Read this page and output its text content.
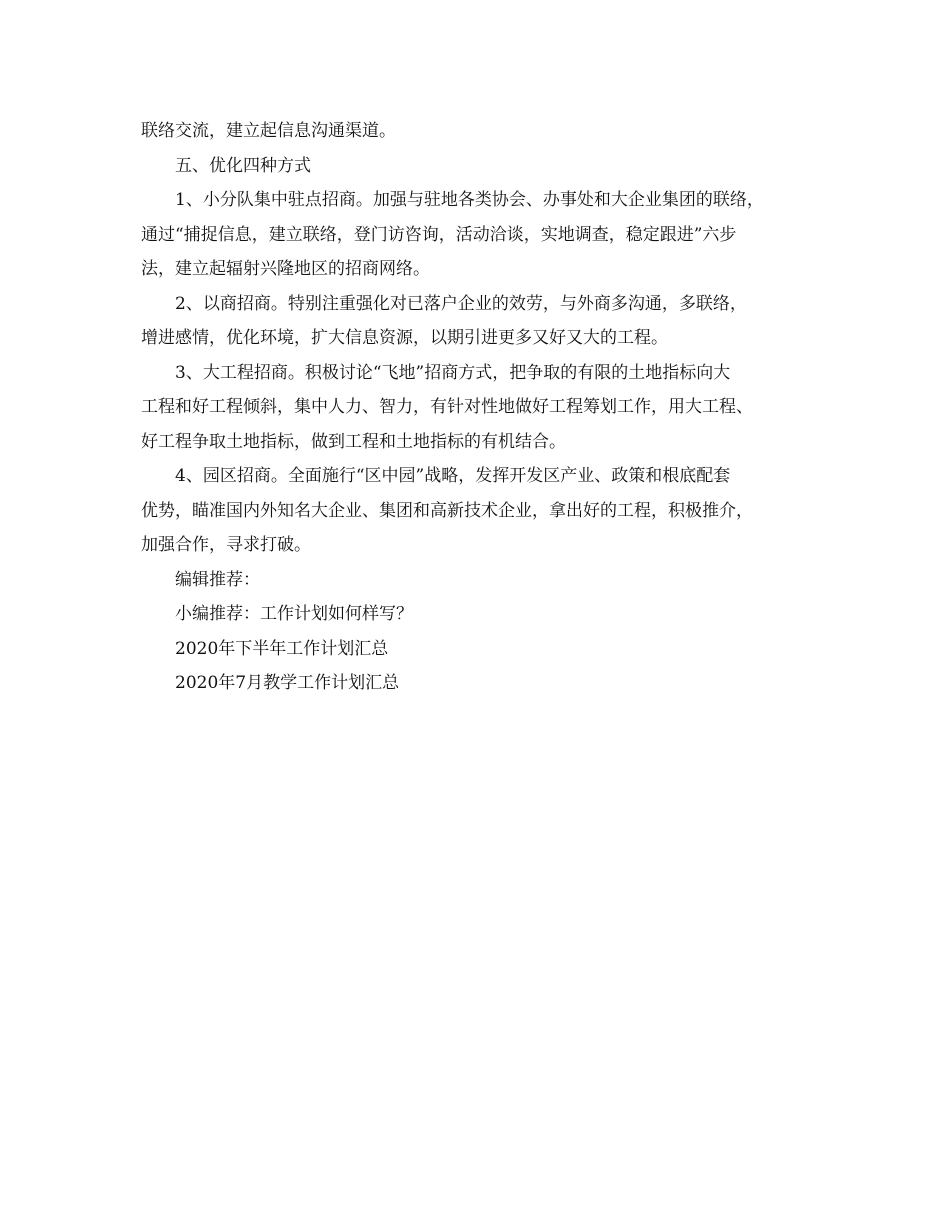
联络交流，建立起信息沟通渠道。
五、优化四种方式
1、小分队集中驻点招商。加强与驻地各类协会、办事处和大企业集团的联络，
通过“捕捉信息，建立联络，登门访咨询，活动洽谈，实地调查，稳定跟进”六步
法，建立起辐射兴隆地区的招商网络。
2、以商招商。特别注重强化对已落户企业的效劳，与外商多沟通，多联络，
增进感情，优化环境，扩大信息资源，以期引进更多又好又大的工程。
3、大工程招商。积极讨论“飞地”招商方式，把争取的有限的土地指标向大
工程和好工程倾斜，集中人力、智力，有针对性地做好工程筹划工作，用大工程、
好工程争取土地指标，做到工程和土地指标的有机结合。
4、园区招商。全面施行“区中园”战略，发挥开发区产业、政策和根底配套
优势，瞄准国内外知名大企业、集团和高新技术企业，拿出好的工程，积极推介，
加强合作，寻求打破。
编辑推荐：
小编推荐：工作计划如何样写？
2020年下半年工作计划汇总
2020年7月教学工作计划汇总
